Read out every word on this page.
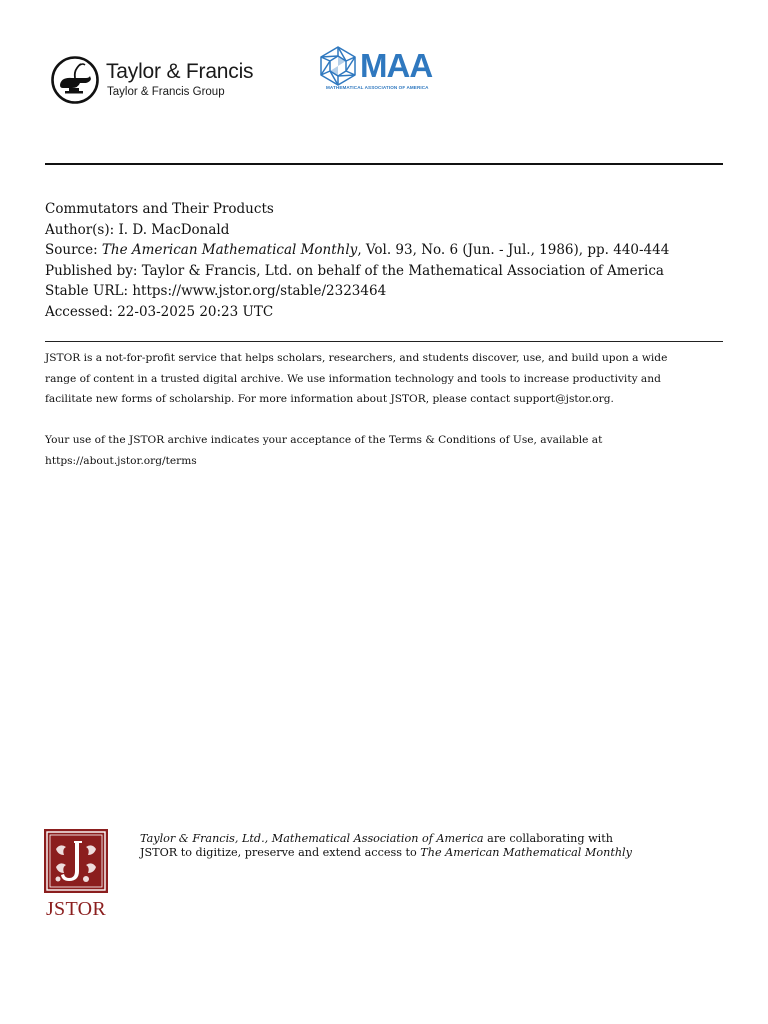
Taylor & Francis
Taylor & Francis Group
MAA
MATHEMATICAL ASSOCIATION OF AMERICA
Commutators and Their Products
Author(s): I. D. MacDonald
Source: The American Mathematical Monthly, Vol. 93, No. 6 (Jun. - Jul., 1986), pp. 440-444
Published by: Taylor & Francis, Ltd. on behalf of the Mathematical Association of America
Stable URL: https://www.jstor.org/stable/2323464
Accessed: 22-03-2025 20:23 UTC

JSTOR is a not-for-profit service that helps scholars, researchers, and students discover, use, and build upon a wide
range of content in a trusted digital archive. We use information technology and tools to increase productivity and
facilitate new forms of scholarship. For more information about JSTOR, please contact support@jstor.org.

Your use of the JSTOR archive indicates your acceptance of the Terms & Conditions of Use, available at
https://about.jstor.org/terms

JSTOR
Taylor & Francis, Ltd., Mathematical Association of America are collaborating with
JSTOR to digitize, preserve and extend access to The American Mathematical Monthly
